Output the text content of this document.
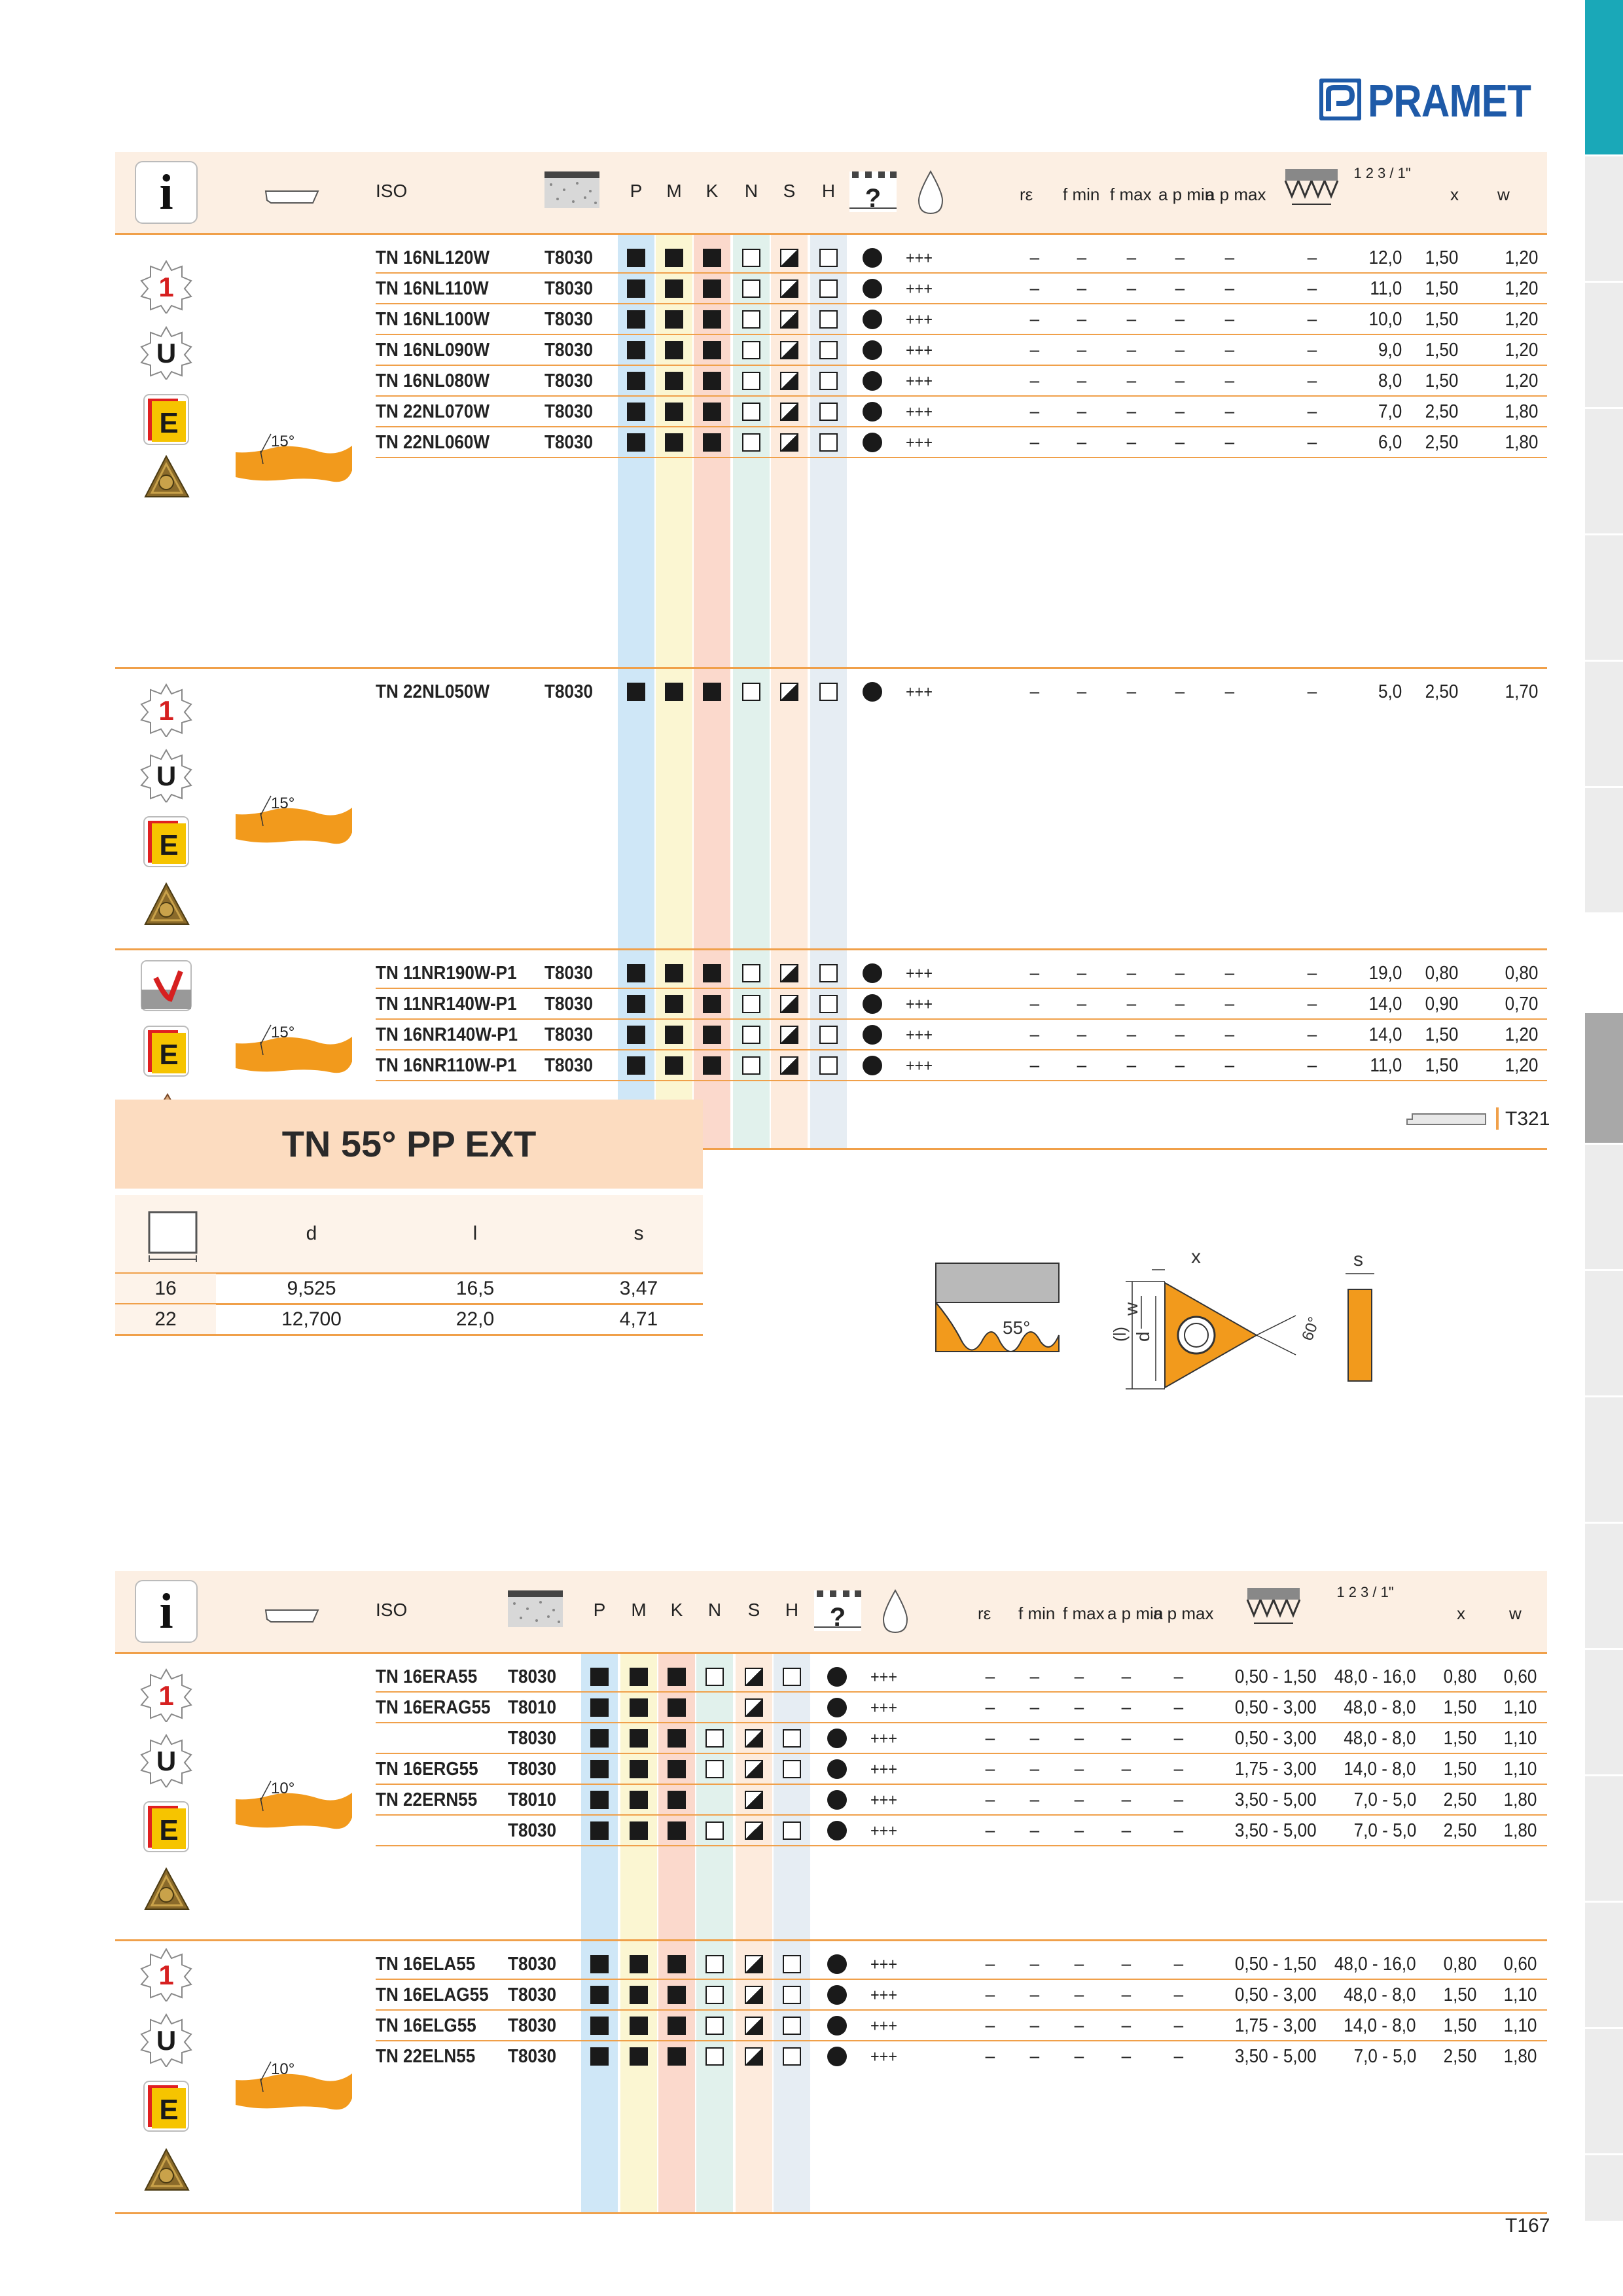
PRAMET
i	ISO	P	M	K	N	S	H	?	rε f min f max a p min
a p max
1 2 3 / 1"
x w
1
U
E
15°
TN 16NL120W	T8030	+++	– – – – –	–	12,0 1,50 1,20
TN 16NL110W	T8030	+++	– – – – –	–	11,0 1,50 1,20
TN 16NL100W	T8030	+++	– – – – –	–	10,0 1,50 1,20
TN 16NL090W	T8030	+++	– – – – –	–	9,0 1,50 1,20
TN 16NL080W	T8030	+++	– – – – –	–	8,0 1,50 1,20
TN 22NL070W	T8030	+++	– – – – –	–	7,0 2,50 1,80
TN 22NL060W	T8030	+++	– – – – –	–	6,0 2,50 1,80
1
U
E
15°
TN 22NL050W	T8030	+++	– – – – –	–	5,0 2,50 1,70
E
15°
TN 11NR190W-P1 T8030	+++	– – – – –	–	19,0 0,80 0,80
TN 11NR140W-P1 T8030	+++	– – – – –	–	14,0 0,90 0,70
TN 16NR140W-P1 T8030	+++	– – – – –	–	14,0 1,50 1,20
TN 16NR110W-P1 T8030	+++	– – – – –	–	11,0 1,50 1,20
TN 55° PP EXT
d	l	s
16	9,525	16,5	3,47
22	12,700	22,0	4,71
T321
55°	(l) d
w
x
60°
s
i	ISO	P	M	K	N	S	H	?	rε f min f max a p min
a p max
1 2 3 / 1"
x	w
1
U
E
10°
TN 16ERA55 T8030	+++	– – – – –	0,50 - 1,50 48,0 - 16,0 0,80 0,60
TN 16ERAG55 T8010	+++	– – – – –	0,50 - 3,00 48,0 - 8,0 1,50 1,10
T8030	+++	– – – – –	0,50 - 3,00 48,0 - 8,0 1,50 1,10
TN 16ERG55 T8030	+++	– – – – –	1,75 - 3,00 14,0 - 8,0 1,50 1,10
TN 22ERN55 T8010	+++	– – – – –	3,50 - 5,00 7,0 - 5,0 2,50 1,80
T8030	+++	– – – – –	3,50 - 5,00 7,0 - 5,0 2,50 1,80
1
U
E
10°
TN 16ELA55 T8030	+++	– – – – –	0,50 - 1,50 48,0 - 16,0 0,80 0,60
TN 16ELAG55 T8030	+++	– – – – –	0,50 - 3,00 48,0 - 8,0 1,50 1,10
TN 16ELG55 T8030	+++	– – – – –	1,75 - 3,00 14,0 - 8,0 1,50 1,10
TN 22ELN55 T8030	+++	– – – – –	3,50 - 5,00 7,0 - 5,0 2,50 1,80
T167
